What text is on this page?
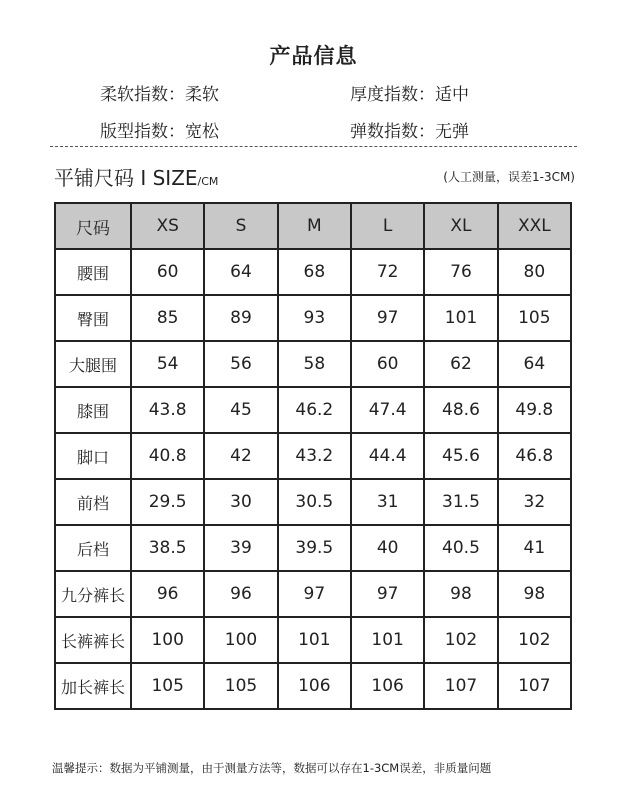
产品信息
柔软指数：柔软	厚度指数：适中
版型指数：宽松	弹数指数：无弹
平铺尺码 I SIZE/CM	(人工测量，误差1-3CM)
尺码	XS	S	M	L	XL	XXL
腰围	60	64	68	72	76	80
臀围	85	89	93	97	101	105
大腿围	54	56	58	60	62	64
膝围	43.8	45	46.2	47.4	48.6	49.8
脚口	40.8	42	43.2	44.4	45.6	46.8
前档	29.5	30	30.5	31	31.5	32
后档	38.5	39	39.5	40	40.5	41
九分裤长	96	96	97	97	98	98
长裤裤长	100	100	101	101	102	102
加长裤长	105	105	106	106	107	107
温馨提示：数据为平铺测量，由于测量方法等，数据可以存在1-3CM误差，非质量问题
